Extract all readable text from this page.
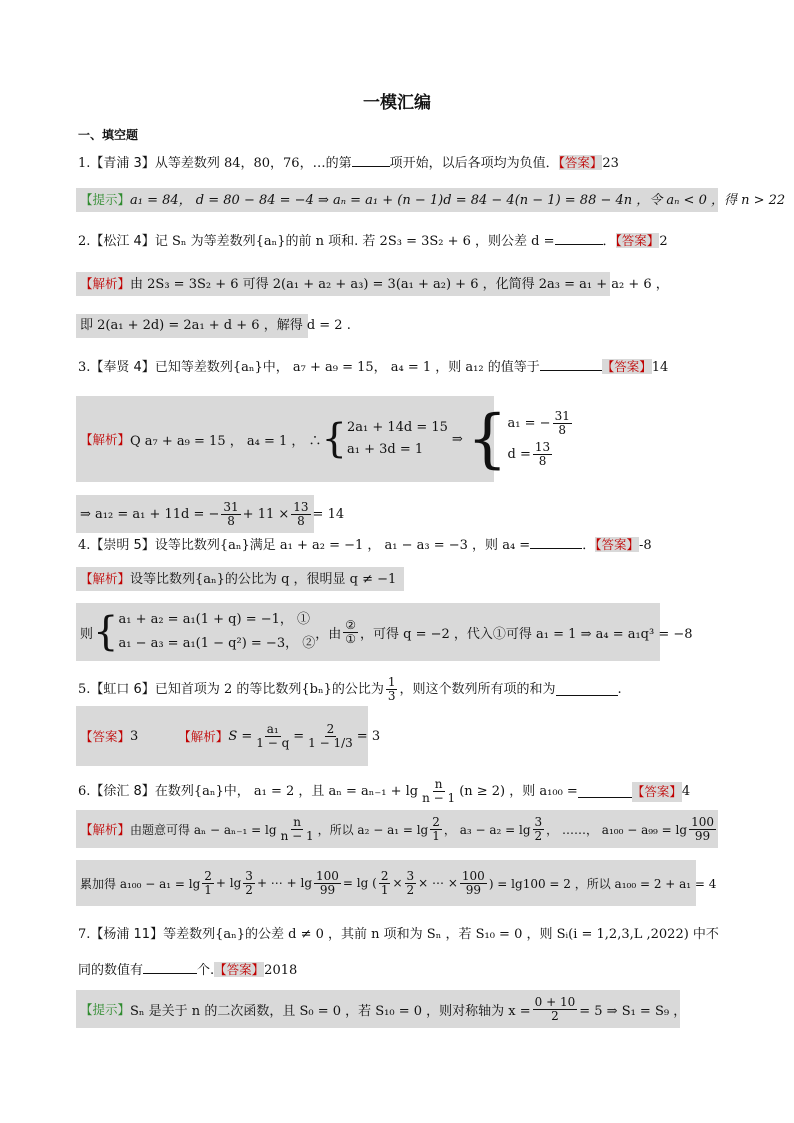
一模汇编
一、填空题
1.【青浦 3】从等差数列 84，80，76，…的第	项开始，以后各项均为负值．【答案】23
【提示】a₁ = 84， d = 80 − 84 = −4 ⇒ aₙ = a₁ + (n − 1)d = 84 − 4(n − 1) = 88 − 4n ，令 aₙ < 0 ，得 n > 22
2.【松江 4】记 Sₙ 为等差数列{aₙ}的前 n 项和. 若 2S₃ = 3S₂ + 6 ，则公差 d =	．【答案】2
【解析】由 2S₃ = 3S₂ + 6 可得 2(a₁ + a₂ + a₃) = 3(a₁ + a₂) + 6 ，化简得 2a₃ = a₁ + a₂ + 6 ，
即 2(a₁ + 2d) = 2a₁ + d + 6 ，解得 d = 2 .
3.【奉贤 4】已知等差数列{aₙ}中， a₇ + a₉ = 15， a₄ = 1 ，则 a₁₂ 的值等于	【答案】14
【解析】 Q a₇ + a₉ = 15 ， a₄ = 1 ， ∴ { 2a₁ + 14d = 15
a₁ + 3d = 1
⇒ { a₁ = − $\frac{31}{8}$
$d = \frac{13}{8}$
⇒ a₁₂ = a₁ + 11d = − $\frac{31}{8} + 11 \times \frac{13}{8} = 14$
4.【崇明 5】设等比数列{aₙ}满足 a₁ + a₂ = −1 ， a₁ − a₃ = −3 ，则 a₄ =	．【答案】-8
【解析】设等比数列{aₙ}的公比为 q ，很明显 q ≠ −1
则 { a₁ + a₂ = a₁(1 + q) = −1， ①
a₁ − a₃ = a₁(1 − q²) = −3， ②
，由 $\frac{\text{②}}{\text{①}}$ ，可得 q = −2 ，代入①可得 a₁ = 1 ⇒ a₄ = a₁q³ = −8
5. 【虹口 6】 已知首项为 2 的等比数列{bₙ}的公比为 $\frac{1}{3}$ ，则这个数列所有项的和为	.
【答案】 3	【解析】 $S = \frac{\text{a₁}}{1 - q} = \frac{2}{1 - 1/3} = 3$
6. 【徐汇 8】 在数列{aₙ}中， a₁ = 2 ，且 $a_n = a_{n-1} + \lg \frac{n}{n - 1} (n \ge 2)$ ，则 a₁₀₀ =	【答案】 4
【解析】 由题意可得 $a_n - a_{n-1} = \lg \frac{n}{n - 1}$ ，所以 $a_2 - a_1 = \lg \frac{2}{1}$ ， $a_3 - a_2 = \lg \frac{3}{2}$ ， ……， $a_{100} - a_{99} = \lg \frac{100}{99}$
累加得 $a_{100} - a_1 = \lg \frac{2}{1} + \lg \frac{3}{2}$ + ⋯ + $\lg \frac{100}{99} = \lg$ ( $\frac{2}{1} \times \frac{3}{2}$ × ⋯ × $\frac{100}{99}$ ) = lg100 = 2 ，所以 a₁₀₀ = 2 + a₁ = 4
7.【杨浦 11】等差数列{aₙ}的公差 d ≠ 0 ，其前 n 项和为 Sₙ ，若 S₁₀ = 0 ，则 Sᵢ(i = 1,2,3,L ,2022) 中不
同的数值有	个.【答案】2018
【提示】 Sₙ 是关于 n 的二次函数，且 S₀ = 0 ，若 S₁₀ = 0 ，则对称轴为 $x = \frac{0 + 10}{2} = 5$ ⇒ S₁ = S₉ ，
